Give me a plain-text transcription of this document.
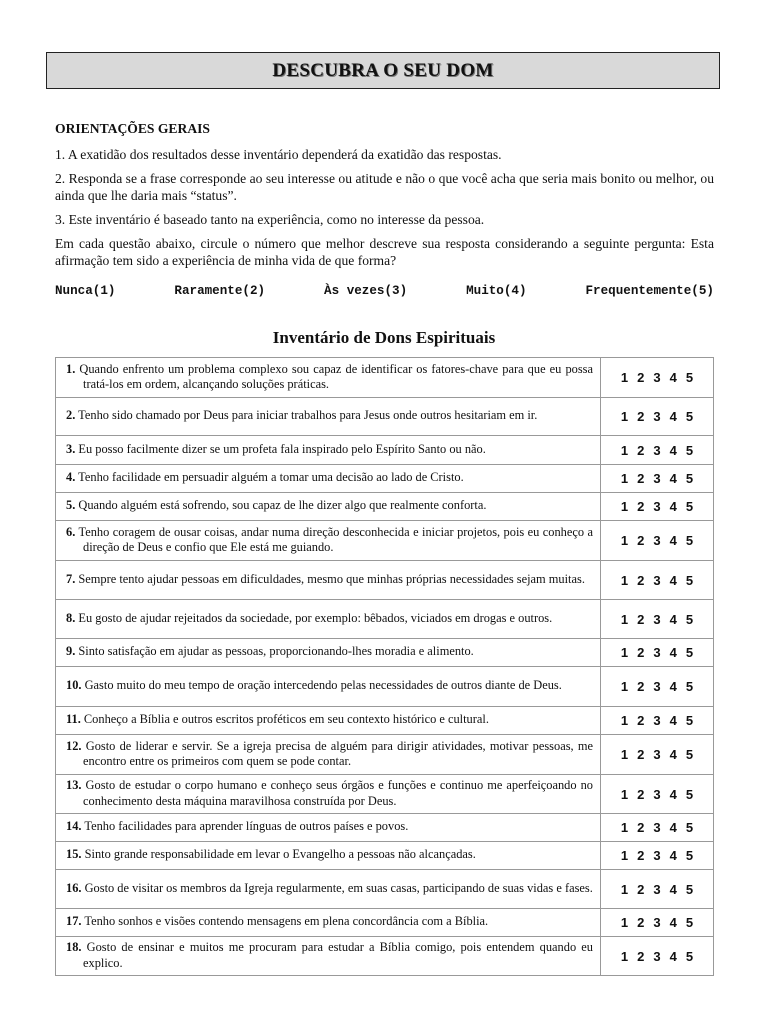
DESCUBRA O SEU DOM
ORIENTAÇÕES GERAIS

1. A exatidão dos resultados desse inventário dependerá da exatidão das respostas.

2. Responda se a frase corresponde ao seu interesse ou atitude e não o que você acha que seria mais bonito ou melhor, ou ainda que lhe daria mais “status”.

3. Este inventário é baseado tanto na experiência, como no interesse da pessoa.

Em cada questão abaixo, circule o número que melhor descreve sua resposta considerando a seguinte pergunta: Esta afirmação tem sido a experiência de minha vida de que forma?

Nunca(1)	Raramente(2)	Às vezes(3)	Muito(4)	Frequentemente(5)
Inventário de Dons Espirituais
1. Quando enfrento um problema complexo sou capaz de identificar os fatores-chave para que eu possa tratá-los em ordem, alcançando soluções práticas.	1 2 3 4 5

2. Tenho sido chamado por Deus para iniciar trabalhos para Jesus onde outros hesitariam em ir.	1 2 3 4 5

3. Eu posso facilmente dizer se um profeta fala inspirado pelo Espírito Santo ou não.	1 2 3 4 5

4. Tenho facilidade em persuadir alguém a tomar uma decisão ao lado de Cristo.	1 2 3 4 5

5. Quando alguém está sofrendo, sou capaz de lhe dizer algo que realmente conforta.	1 2 3 4 5

6. Tenho coragem de ousar coisas, andar numa direção desconhecida e iniciar projetos, pois eu conheço a direção de Deus e confio que Ele está me guiando.	1 2 3 4 5

7. Sempre tento ajudar pessoas em dificuldades, mesmo que minhas próprias necessidades sejam muitas.	1 2 3 4 5

8. Eu gosto de ajudar rejeitados da sociedade, por exemplo: bêbados, viciados em drogas e outros.	1 2 3 4 5

9. Sinto satisfação em ajudar as pessoas, proporcionando-lhes moradia e alimento.	1 2 3 4 5

10. Gasto muito do meu tempo de oração intercedendo pelas necessidades de outros diante de Deus.	1 2 3 4 5

11. Conheço a Bíblia e outros escritos proféticos em seu contexto histórico e cultural.	1 2 3 4 5

12. Gosto de liderar e servir. Se a igreja precisa de alguém para dirigir atividades, motivar pessoas, me encontro entre os primeiros com quem se pode contar.	1 2 3 4 5

13. Gosto de estudar o corpo humano e conheço seus órgãos e funções e continuo me aperfeiçoando no conhecimento desta máquina maravilhosa construída por Deus.	1 2 3 4 5

14. Tenho facilidades para aprender línguas de outros países e povos.	1 2 3 4 5

15. Sinto grande responsabilidade em levar o Evangelho a pessoas não alcançadas.	1 2 3 4 5

16. Gosto de visitar os membros da Igreja regularmente, em suas casas, participando de suas vidas e fases.	1 2 3 4 5

17. Tenho sonhos e visões contendo mensagens em plena concordância com a Bíblia.	1 2 3 4 5

18. Gosto de ensinar e muitos me procuram para estudar a Bíblia comigo, pois entendem quando eu explico.	1 2 3 4 5
